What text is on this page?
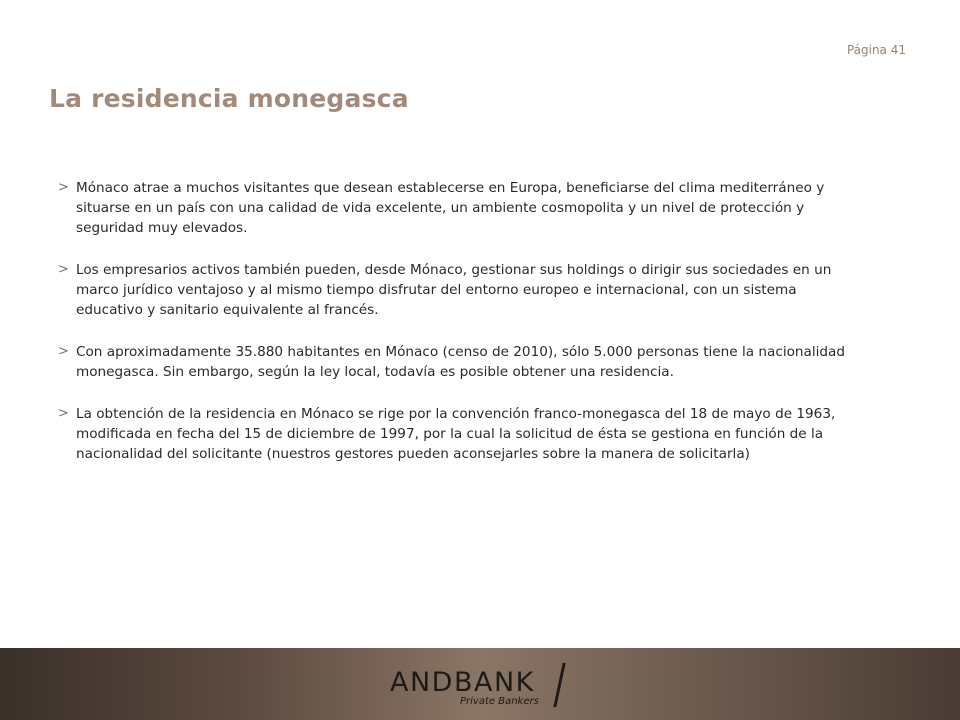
Página 41
La residencia monegasca
> Mónaco atrae a muchos visitantes que desean establecerse en Europa, beneficiarse del clima mediterráneo y situarse en un país con una calidad de vida excelente, un ambiente cosmopolita y un nivel de protección y seguridad muy elevados.
> Los empresarios activos también pueden, desde Mónaco, gestionar sus holdings o dirigir sus sociedades en un marco jurídico ventajoso y al mismo tiempo disfrutar del entorno europeo e internacional, con un sistema educativo y sanitario equivalente al francés.
> Con aproximadamente 35.880 habitantes en Mónaco (censo de 2010), sólo 5.000 personas tiene la nacionalidad monegasca. Sin embargo, según la ley local, todavía es posible obtener una residencia.
> La obtención de la residencia en Mónaco se rige por la convención franco-monegasca del 18 de mayo de 1963, modificada en fecha del 15 de diciembre de 1997, por la cual la solicitud de ésta se gestiona en función de la nacionalidad del solicitante (nuestros gestores pueden aconsejarles sobre la manera de solicitarla)
ANDBANK
Private Bankers
